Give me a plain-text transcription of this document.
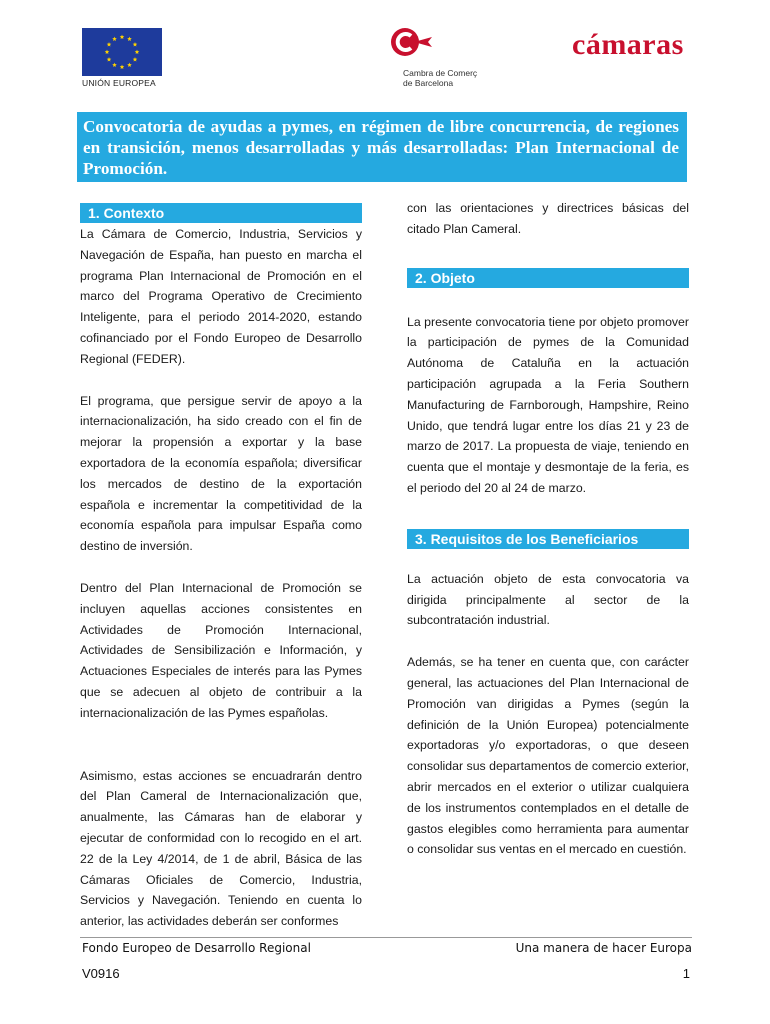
UNIÓN EUROPEA
Cambra de Comerç
de Barcelona
cámaras
Convocatoria de ayudas a pymes, en régimen de libre concurrencia, de regiones en transición, menos desarrolladas y más desarrolladas: Plan Internacional de Promoción.
1. Contexto

La Cámara de Comercio, Industria, Servicios y Navegación de España, han puesto en marcha el programa Plan Internacional de Promoción en el marco del Programa Operativo de Crecimiento Inteligente, para el periodo 2014-2020, estando cofinanciado por el Fondo Europeo de Desarrollo Regional (FEDER).

El programa, que persigue servir de apoyo a la internacionalización, ha sido creado con el fin de mejorar la propensión a exportar y la base exportadora de la economía española; diversificar los mercados de destino de la exportación española e incrementar la competitividad de la economía española para impulsar España como destino de inversión.

Dentro del Plan Internacional de Promoción se incluyen aquellas acciones consistentes en Actividades de Promoción Internacional, Actividades de Sensibilización e Información, y Actuaciones Especiales de interés para las Pymes que se adecuen al objeto de contribuir a la internacionalización de las Pymes españolas.

Asimismo, estas acciones se encuadrarán dentro del Plan Cameral de Internacionalización que, anualmente, las Cámaras han de elaborar y ejecutar de conformidad con lo recogido en el art. 22 de la Ley 4/2014, de 1 de abril, Básica de las Cámaras Oficiales de Comercio, Industria, Servicios y Navegación. Teniendo en cuenta lo anterior, las actividades deberán ser conformes

con las orientaciones y directrices básicas del citado Plan Cameral.

2. Objeto

La presente convocatoria tiene por objeto promover la participación de pymes de la Comunidad Autónoma de Cataluña en la actuación participación agrupada a la Feria Southern Manufacturing de Farnborough, Hampshire, Reino Unido, que tendrá lugar entre los días 21 y 23 de marzo de 2017. La propuesta de viaje, teniendo en cuenta que el montaje y desmontaje de la feria, es el periodo del 20 al 24 de marzo.

3. Requisitos de los Beneficiarios

La actuación objeto de esta convocatoria va dirigida principalmente al sector de la subcontratación industrial.

Además, se ha tener en cuenta que, con carácter general, las actuaciones del Plan Internacional de Promoción van dirigidas a Pymes (según la definición de la Unión Europea) potencialmente exportadoras y/o exportadoras, o que deseen consolidar sus departamentos de comercio exterior, abrir mercados en el exterior o utilizar cualquiera de los instrumentos contemplados en el detalle de gastos elegibles como herramienta para aumentar o consolidar sus ventas en el mercado en cuestión.

Fondo Europeo de Desarrollo Regional	Una manera de hacer Europa
V0916	1
